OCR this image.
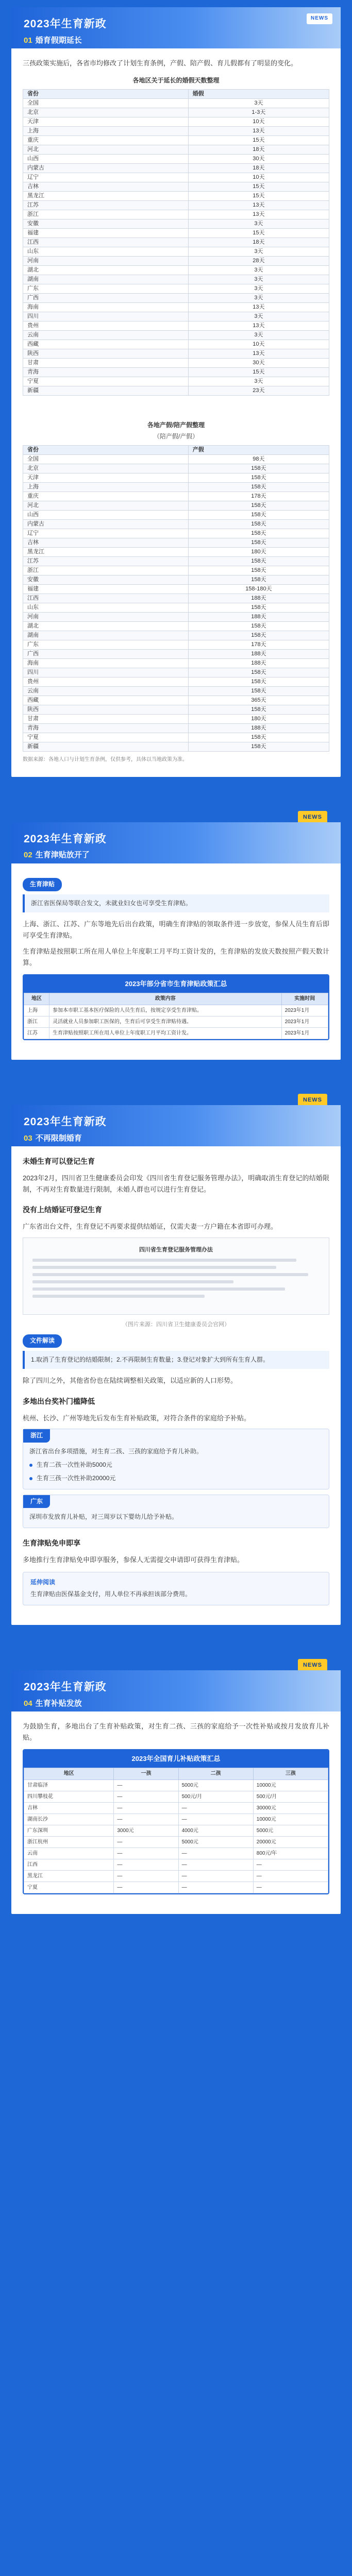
2023年生育新政
01 婚育假期延长
NEWS

三孩政策实施后，各省市均修改了计划生育条例，产假、陪产假、育儿假都有了明显的变化。

各地区关于延长的婚假天数整理
省份	婚假
全国	3天
北京	1-3天
天津	10天
上海	13天
重庆	15天
河北	18天
山西	30天
内蒙古	18天
辽宁	10天
吉林	15天
黑龙江	15天
江苏	13天
浙江	13天
安徽	3天
福建	15天
江西	18天
山东	3天
河南	28天
湖北	3天
湖南	3天
广东	3天
广西	3天
海南	13天
四川	3天
贵州	13天
云南	3天
西藏	10天
陕西	13天
甘肃	30天
青海	15天
宁夏	3天
新疆	23天
各地产假/陪产假整理
（陪产假/产假）
省份	产假
全国	98天
北京	158天
天津	158天
上海	158天
重庆	178天
河北	158天
山西	158天
内蒙古	158天
辽宁	158天
吉林	158天
黑龙江	180天
江苏	158天
浙江	158天
安徽	158天
福建	158-180天
江西	188天
山东	158天
河南	188天
湖北	158天
湖南	158天
广东	178天
广西	188天
海南	188天
四川	158天
贵州	158天
云南	158天
西藏	365天
陕西	158天
甘肃	180天
青海	188天
宁夏	158天
新疆	158天
数据来源：各地人口与计划生育条例，仅供参考，具体以当地政策为准。
NEWS
2023年生育新政
02 生育津贴放开了
生育津贴
浙江省医保局等联合发文，未就业妇女也可享受生育津贴。

上海、浙江、江苏、广东等地先后出台政策，明确生育津贴的领取条件进一步放宽，参保人员生育后即可享受生育津贴。

生育津贴是按照职工所在用人单位上年度职工月平均工资计发的，生育津贴的发放天数按照产假天数计算。

2023年部分省市生育津贴政策汇总
地区	政策内容	实施时间
上海	参加本市职工基本医疗保险的人员生育后，按规定享受生育津贴。	2023年1月
浙江	灵活就业人员参加职工医保的，生育后可享受生育津贴待遇。	2023年1月
江苏	生育津贴按照职工所在用人单位上年度职工月平均工资计发。	2023年1月
NEWS
2023年生育新政
03 不再限制婚育
未婚生育可以登记生育

2023年2月，四川省卫生健康委员会印发《四川省生育登记服务管理办法》，明确取消生育登记的结婚限制，不再对生育数量进行限制，未婚人群也可以进行生育登记。

没有上结婚证可登记生育

广东省出台文件，生育登记不再要求提供结婚证，仅需夫妻一方户籍在本省即可办理。

四川省生育登记服务管理办法
（图片来源：四川省卫生健康委员会官网）
文件解读
1.取消了生育登记的结婚限制；2.不再限制生育数量；3.登记对象扩大到所有生育人群。

除了四川之外，其他省份也在陆续调整相关政策，以适应新的人口形势。

多地出台奖补门槛降低

杭州、长沙、广州等地先后发布生育补贴政策，对符合条件的家庭给予补贴。

浙江

浙江省出台多项措施，对生育二孩、三孩的家庭给予育儿补助。

生育二孩一次性补助5000元
生育三孩一次性补助20000元
广东

深圳市发放育儿补贴，对三周岁以下婴幼儿给予补贴。

生育津贴免申即享

多地推行生育津贴免申即享服务，参保人无需提交申请即可获得生育津贴。

延伸阅读
生育津贴由医保基金支付，用人单位不再承担该部分费用。
NEWS
2023年生育新政
04 生育补贴发放

为鼓励生育，多地出台了生育补贴政策，对生育二孩、三孩的家庭给予一次性补贴或按月发放育儿补贴。

2023年全国育儿补贴政策汇总
地区	一孩	二孩	三孩
甘肃临泽	—	5000元	10000元
四川攀枝花	—	500元/月	500元/月
吉林	—	—	30000元
湖南长沙	—	—	10000元
广东深圳	3000元	4000元	5000元
浙江杭州	—	5000元	20000元
云南	—	—	800元/年
江西	—	—	—
黑龙江	—	—	—
宁夏	—	—	—
